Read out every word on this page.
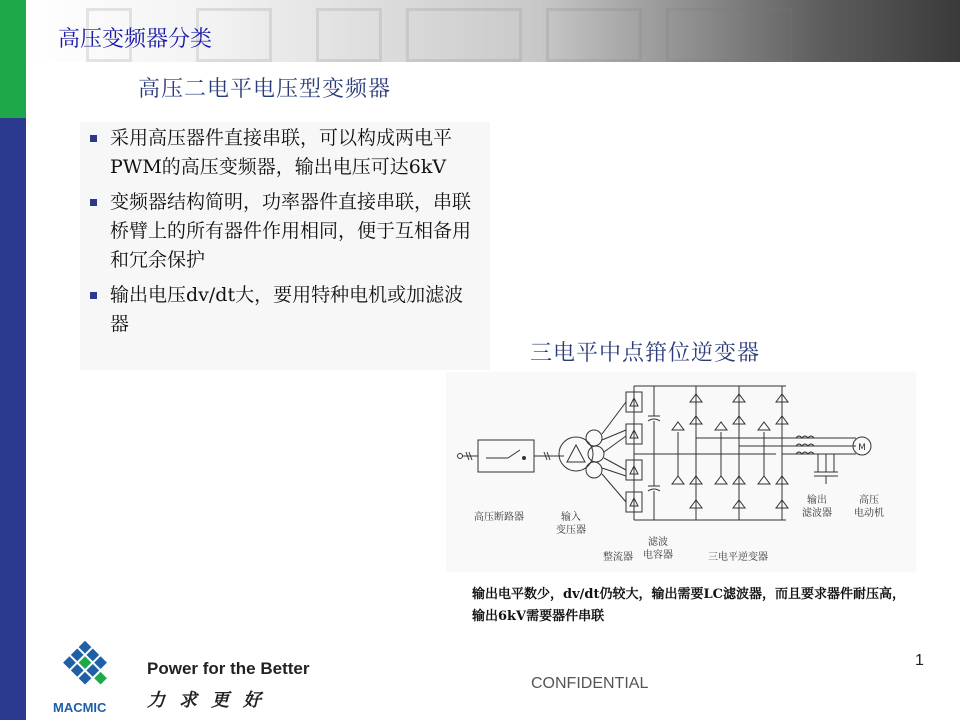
高压变频器分类
高压二电平电压型变频器
采用高压器件直接串联，可以构成两电平PWM的高压变频器，输出电压可达6kV
变频器结构简明，功率器件直接串联，串联桥臂上的所有器件作用相同，便于互相备用和冗余保护
输出电压dv/dt大，要用特种电机或加滤波器
三电平中点箝位逆变器
M
高压断路器	输入
变压器
整流器
滤波
电容器	三电平逆变器
输出
滤波器
高压
电动机
输出电平数少，dv/dt仍较大，输出需要LC滤波器，而且要求器件耐压高，输出6kV需要器件串联
MACMIC
Power for the Better
力求更好
CONFIDENTIAL
1
